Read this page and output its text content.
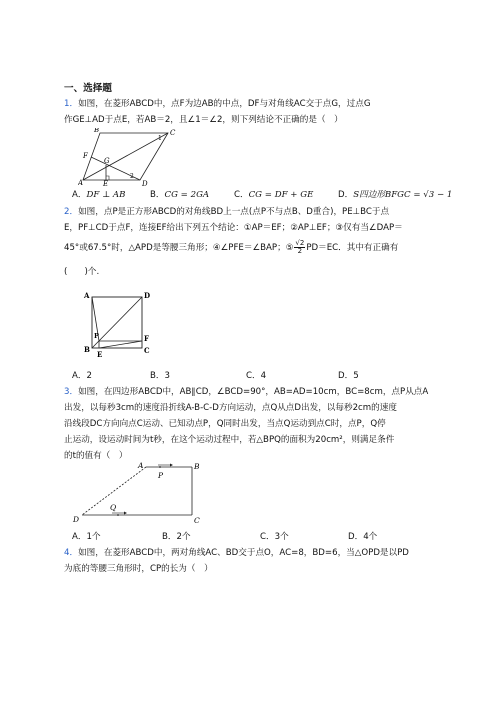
一、选择题
1．如图，在菱形ABCD中，点F为边AB的中点，DF与对角线AC交于点G，过点G
作GE⊥AD于点E，若AB＝2，且∠1＝∠2，则下列结论不正确的是（　）
B	C
1
F
G
A	E
2
D
A．DF ⊥ AB	B．CG = 2GA	C．CG = DF + GE	D．S四边形BFGC = √3 − 1
2．如图，点P是正方形ABCD的对角线BD上一点(点P不与点B、D重合)，PE⊥BC于点
E，PF⊥CD于点F，连接EF给出下列五个结论：①AP＝EF；②AP⊥EF；③仅有当∠DAP＝
45°或67.5°时，△APD是等腰三角形；④∠PFE＝∠BAP；⑤ $\frac{√2}{2} PD=EC$．其中有正确有
(　　)个.
A	D
P	F
B
E	C
A．2	B．3	C．4	D．5
3．如图，在四边形ABCD中，AB∥CD，∠BCD=90°，AB=AD=10cm，BC=8cm，点P从点A
出发，以每秒3cm的速度沿折线A-B-C-D方向运动，点Q从点D出发，以每秒2cm的速度
沿线段DC方向向点C运动、已知动点P，Q同时出发，当点Q运动到点C时，点P，Q停
止运动，设运动时间为t秒，在这个运动过程中，若△BPQ的面积为20cm²，则满足条件
的t的值有（　）
A	B
P
Q
D	C
A．1个	B．2个	C．3个	D．4个
4．如图，在菱形ABCD中，两对角线AC、BD交于点O，AC=8，BD=6，当△OPD是以PD
为底的等腰三角形时，CP的长为（　）
